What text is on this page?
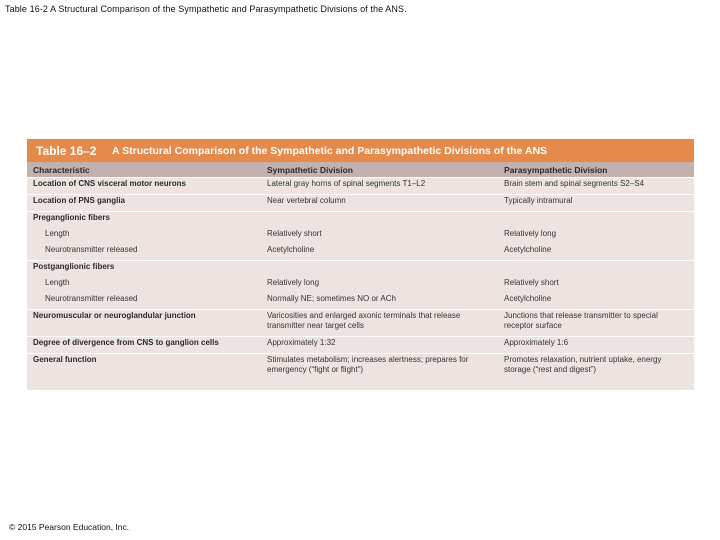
Table 16-2 A Structural Comparison of the Sympathetic and Parasympathetic Divisions of the ANS.
Table 16–2	A Structural Comparison of the Sympathetic and Parasympathetic Divisions of the ANS
Characteristic	Sympathetic Division	Parasympathetic Division
Location of CNS visceral motor neurons	Lateral gray horns of spinal segments T1–L2	Brain stem and spinal segments S2–S4
Location of PNS ganglia	Near vertebral column	Typically intramural
Preganglionic fibers		
Length	Relatively short	Relatively long
Neurotransmitter released	Acetylcholine	Acetylcholine
Postganglionic fibers		
Length	Relatively long	Relatively short
Neurotransmitter released	Normally NE; sometimes NO or ACh	Acetylcholine
Neuromuscular or neuroglandular junction	Varicosities and enlarged axonic terminals that release transmitter near target cells	Junctions that release transmitter to special receptor surface
Degree of divergence from CNS to ganglion cells	Approximately 1:32	Approximately 1:6
General function	Stimulates metabolism; increases alertness; prepares for emergency (“fight or flight”)	Promotes relaxation, nutrient uptake, energy storage (“rest and digest”)
© 2015 Pearson Education, Inc.
